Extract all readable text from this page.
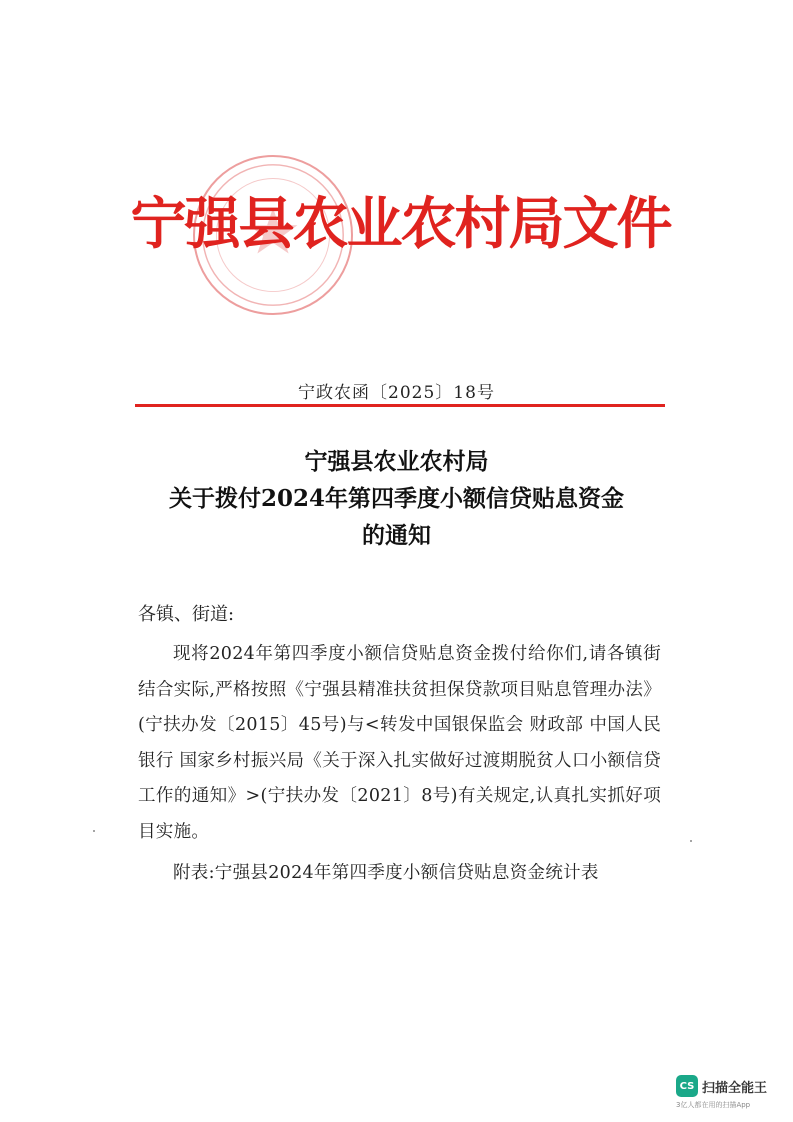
宁强县农业农村局文件
宁政农函〔2025〕18号
宁强县农业农村局
关于拨付2024年第四季度小额信贷贴息资金
的通知
各镇、街道:

现将2024年第四季度小额信贷贴息资金拨付给你们,请各镇街结合实际,严格按照《宁强县精准扶贫担保贷款项目贴息管理办法》(宁扶办发〔2015〕45号)与<转发中国银保监会 财政部 中国人民银行 国家乡村振兴局《关于深入扎实做好过渡期脱贫人口小额信贷工作的通知》>(宁扶办发〔2021〕8号)有关规定,认真扎实抓好项目实施。

附表:宁强县2024年第四季度小额信贷贴息资金统计表

CS 扫描全能王
3亿人都在用的扫描App
